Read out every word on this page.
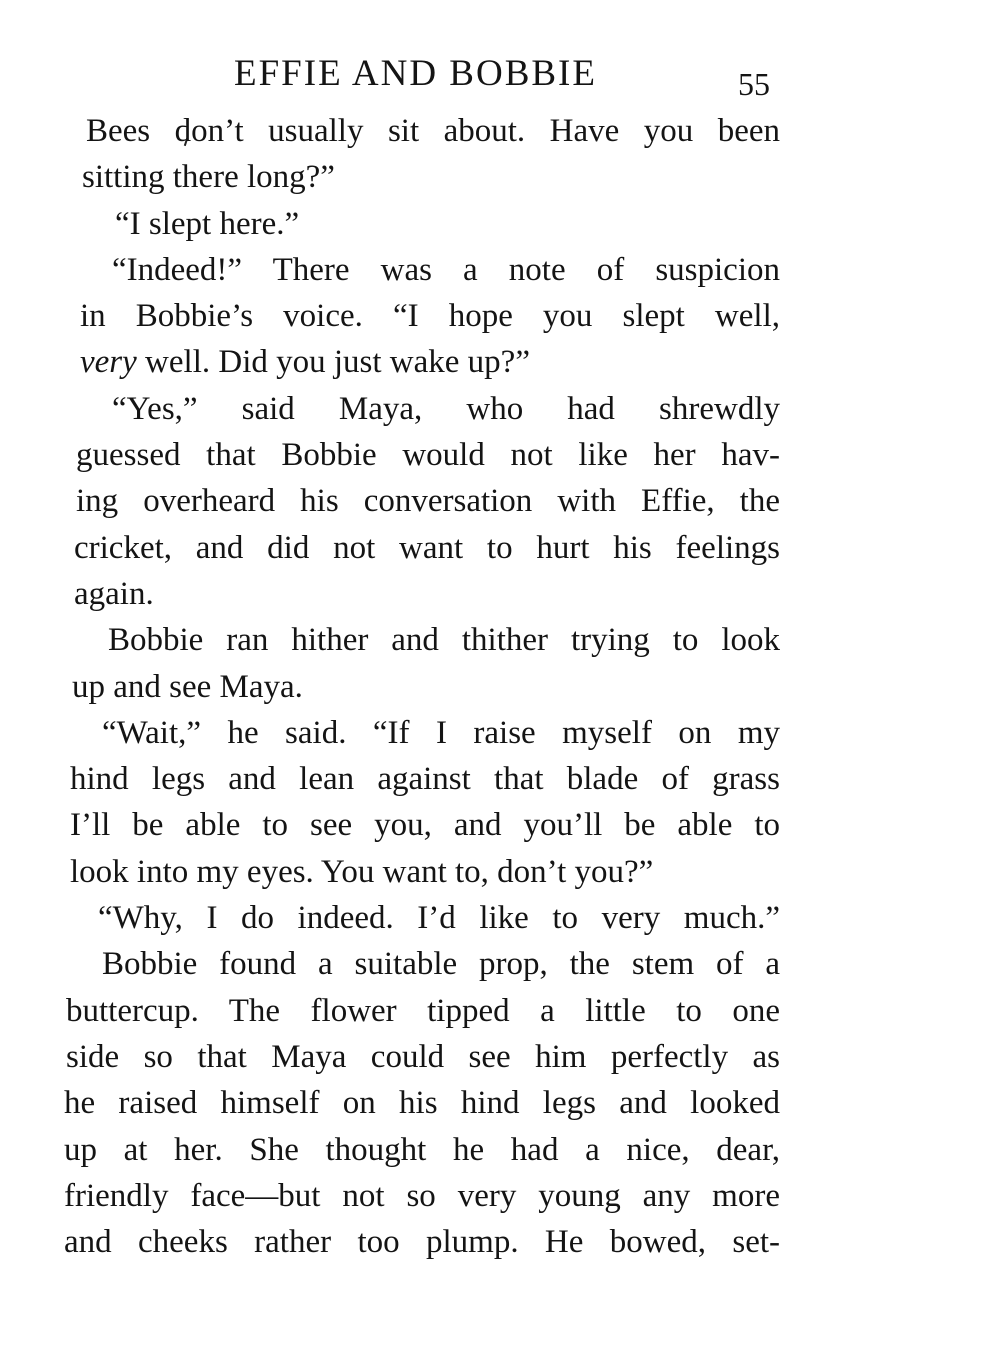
EFFIE AND BOBBIE	55
Bees don’t usually sit about. Have you been
sitting there long?”
“I slept here.”
“Indeed!” There was a note of suspicion
in Bobbie’s voice. “I hope you slept well,
very well. Did you just wake up?”
“Yes,” said Maya, who had shrewdly
guessed that Bobbie would not like her hav-
ing overheard his conversation with Effie, the
cricket, and did not want to hurt his feelings
again.
Bobbie ran hither and thither trying to look
up and see Maya.
“Wait,” he said. “If I raise myself on my
hind legs and lean against that blade of grass
I’ll be able to see you, and you’ll be able to
look into my eyes. You want to, don’t you?”
“Why, I do indeed. I’d like to very much.”
Bobbie found a suitable prop, the stem of a
buttercup. The flower tipped a little to one
side so that Maya could see him perfectly as
he raised himself on his hind legs and looked
up at her. She thought he had a nice, dear,
friendly face—but not so very young any more
and cheeks rather too plump. He bowed, set-
